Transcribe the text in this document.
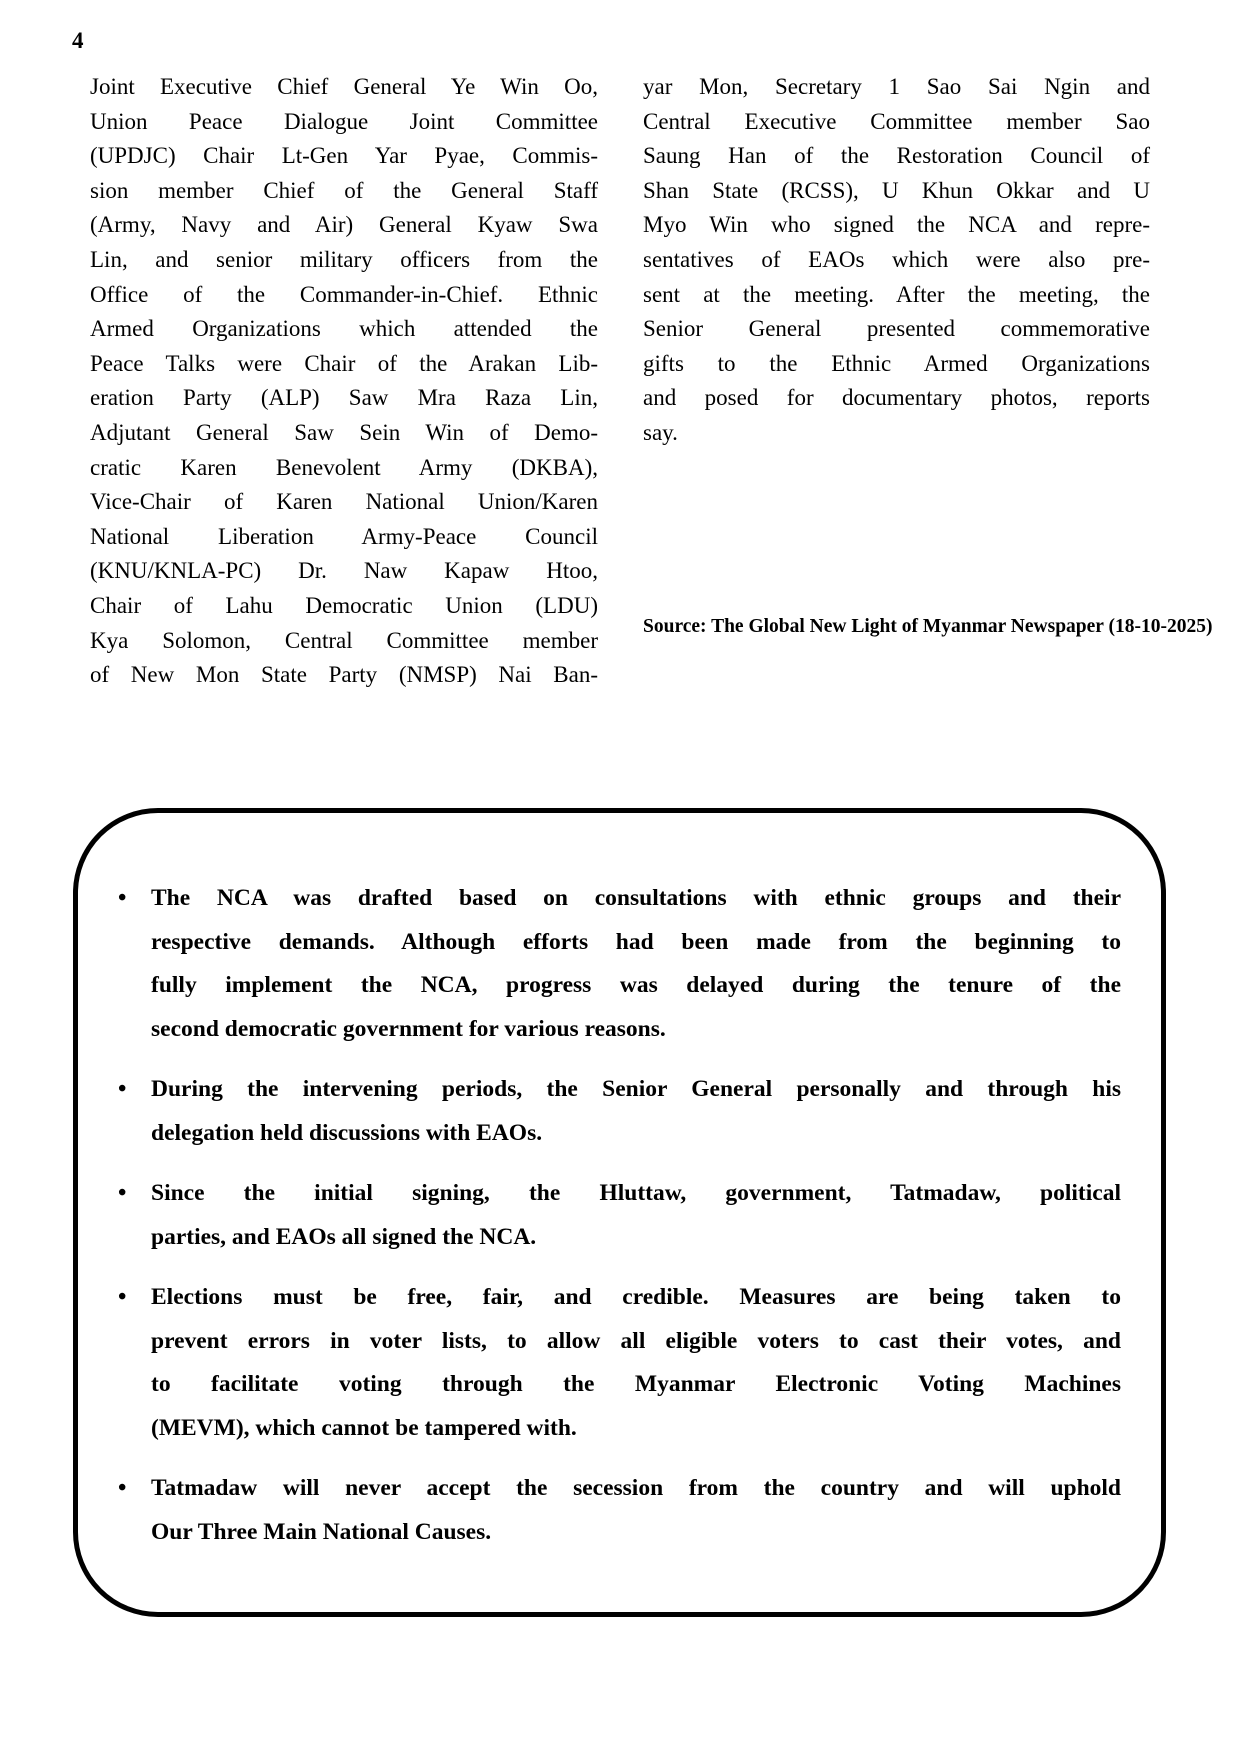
4
Joint Executive Chief General Ye Win Oo,
Union Peace Dialogue Joint Committee
(UPDJC) Chair Lt-Gen Yar Pyae, Commis-
sion member Chief of the General Staff
(Army, Navy and Air) General Kyaw Swa
Lin, and senior military officers from the
Office of the Commander-in-Chief. Ethnic
Armed Organizations which attended the
Peace Talks were Chair of the Arakan Lib-
eration Party (ALP) Saw Mra Raza Lin,
Adjutant General Saw Sein Win of Demo-
cratic Karen Benevolent Army (DKBA),
Vice-Chair of Karen National Union/Karen
National Liberation Army-Peace Council
(KNU/KNLA-PC) Dr. Naw Kapaw Htoo,
Chair of Lahu Democratic Union (LDU)
Kya Solomon, Central Committee member
of New Mon State Party (NMSP) Nai Ban-
yar Mon, Secretary 1 Sao Sai Ngin and
Central Executive Committee member Sao
Saung Han of the Restoration Council of
Shan State (RCSS), U Khun Okkar and U
Myo Win who signed the NCA and repre-
sentatives of EAOs which were also pre-
sent at the meeting. After the meeting, the
Senior General presented commemorative
gifts to the Ethnic Armed Organizations
and posed for documentary photos, reports
say.
Source: The Global New Light of Myanmar Newspaper (18-10-2025)
•	The NCA was drafted based on consultations with ethnic groups and their
respective demands. Although efforts had been made from the beginning to
fully implement the NCA, progress was delayed during the tenure of the
second democratic government for various reasons.
•	During the intervening periods, the Senior General personally and through his
delegation held discussions with EAOs.
•	Since the initial signing, the Hluttaw, government, Tatmadaw, political
parties, and EAOs all signed the NCA.
•	Elections must be free, fair, and credible. Measures are being taken to
prevent errors in voter lists, to allow all eligible voters to cast their votes, and
to facilitate voting through the Myanmar Electronic Voting Machines
(MEVM), which cannot be tampered with.
•	Tatmadaw will never accept the secession from the country and will uphold
Our Three Main National Causes.
